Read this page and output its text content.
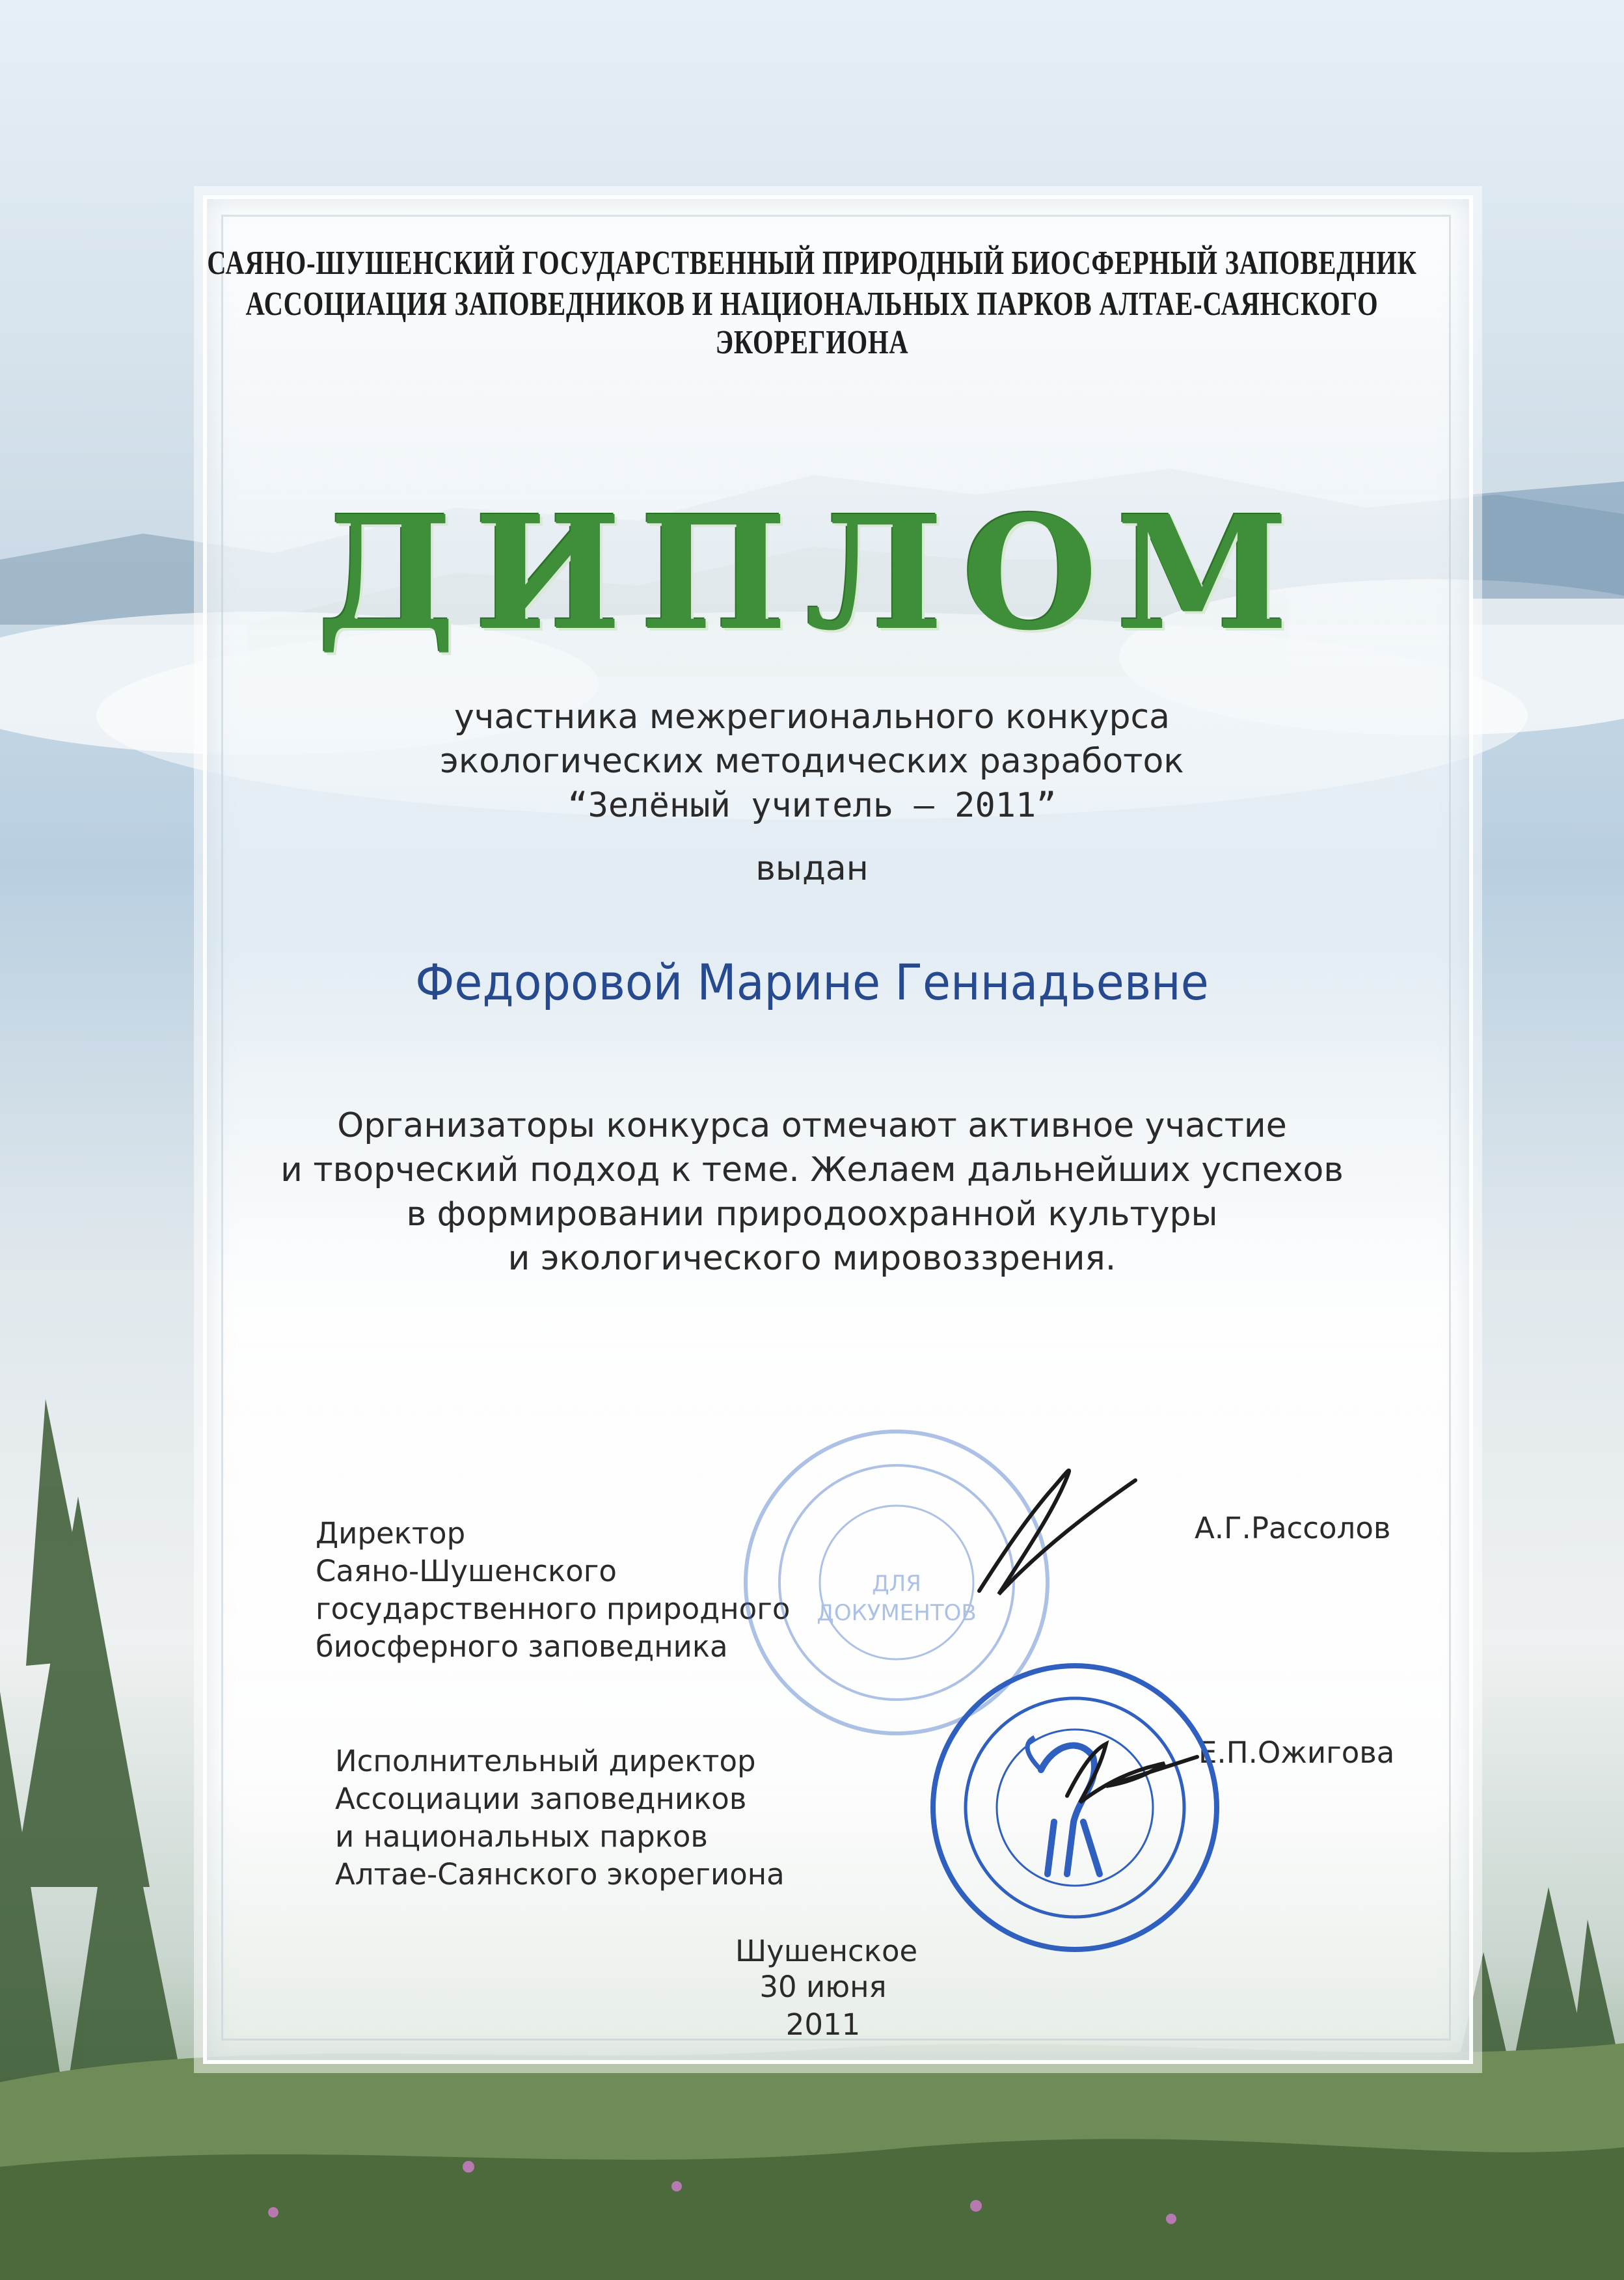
САЯНО-ШУШЕНСКИЙ ГОСУДАРСТВЕННЫЙ ПРИРОДНЫЙ БИОСФЕРНЫЙ ЗАПОВЕДНИК
АССОЦИАЦИЯ ЗАПОВЕДНИКОВ И НАЦИОНАЛЬНЫХ ПАРКОВ АЛТАЕ-САЯНСКОГО ЭКОРЕГИОНА
ДИПЛОМ
участника межрегионального конкурса
экологических методических разработок
“Зелёный учитель – 2011”
выдан
Федоровой Марине Геннадьевне
Организаторы конкурса отмечают активное участие
и творческий подход к теме. Желаем дальнейших успехов
в формировании природоохранной культуры
и экологического мировоззрения.
Директор
Саяно-Шушенского
государственного природного
биосферного заповедника
А.Г.Рассолов
Исполнительный директор
Ассоциации заповедников
и национальных парков
Алтае-Саянского экорегиона
Е.П.Ожигова
Шушенское
30 июня 2011
ДЛЯ
ДОКУМЕНТОВ
